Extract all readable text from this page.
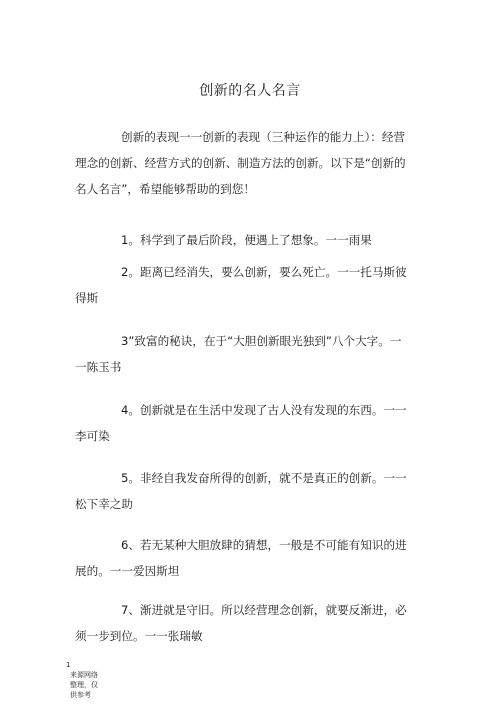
创新的名人名言

创新的表现一一创新的表现（三种运作的能力上）：经营理念的创新、经营方式的创新、制造方法的创新。以下是“创新的名人名言”，希望能够帮助的到您！

1。科学到了最后阶段，便遇上了想象。一一雨果

2。距离已经消失，要么创新，要么死亡。一一托马斯彼得斯

3”致富的秘诀，在于“大胆创新眼光独到”八个大字。一一陈玉书

4。创新就是在生活中发现了古人没有发现的东西。一一李可染

5。非经自我发奋所得的创新，就不是真正的创新。一一松下幸之助

6、若无某种大胆放肆的猜想，一般是不可能有知识的进展的。一一爱因斯坦

7、渐进就是守旧。所以经营理念创新，就要反渐进，必须一步到位。一一张瑞敏

1
来源网络整理，仅供参考
